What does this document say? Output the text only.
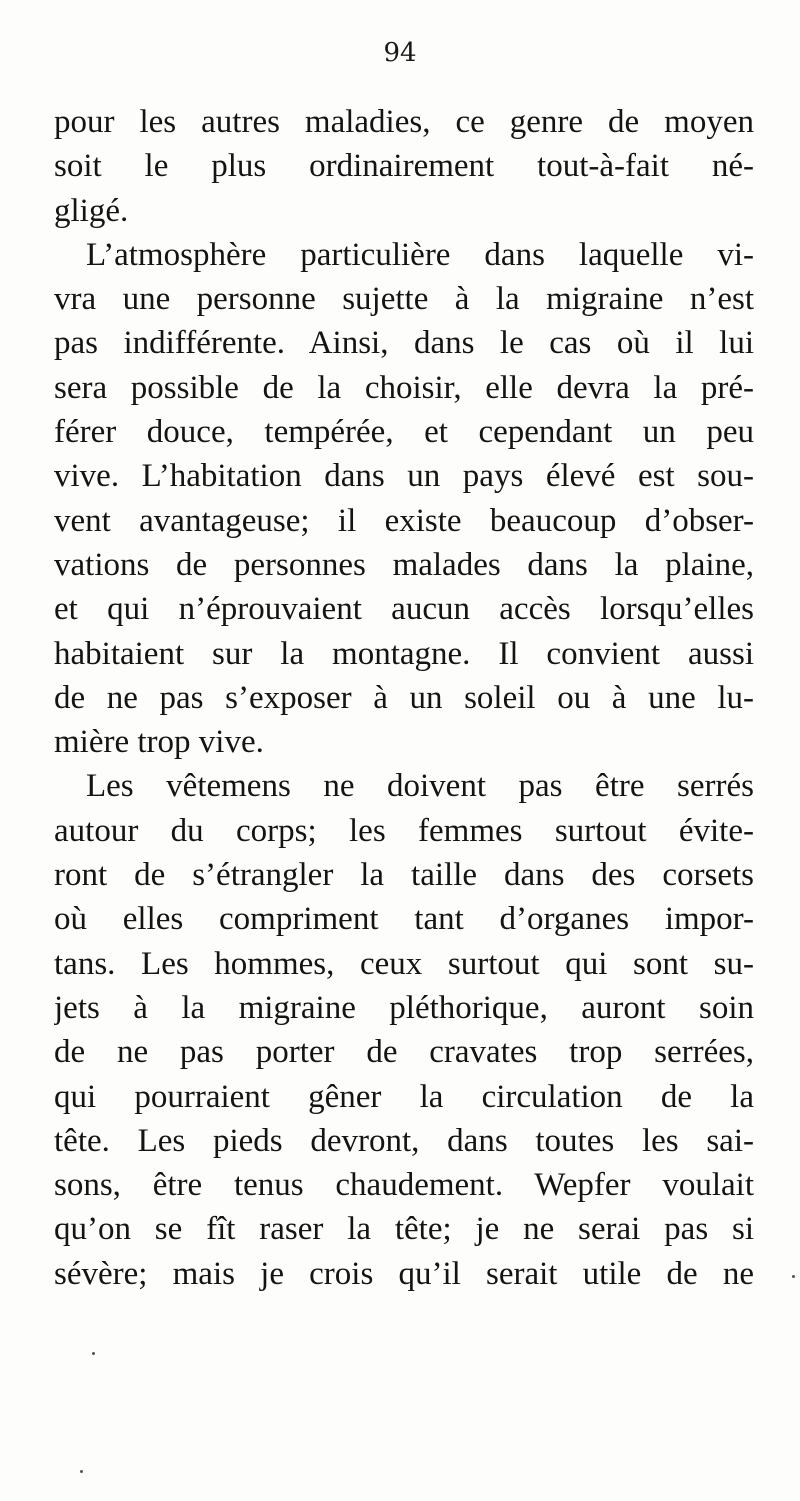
94
pour les autres maladies, ce genre de moyen
soit le plus ordinairement tout-à-fait né-
gligé.
L’atmosphère particulière dans laquelle vi-
vra une personne sujette à la migraine n’est
pas indifférente. Ainsi, dans le cas où il lui
sera possible de la choisir, elle devra la pré-
férer douce, tempérée, et cependant un peu
vive. L’habitation dans un pays élevé est sou-
vent avantageuse; il existe beaucoup d’obser-
vations de personnes malades dans la plaine,
et qui n’éprouvaient aucun accès lorsqu’elles
habitaient sur la montagne. Il convient aussi
de ne pas s’exposer à un soleil ou à une lu-
mière trop vive.
Les vêtemens ne doivent pas être serrés
autour du corps; les femmes surtout évite-
ront de s’étrangler la taille dans des corsets
où elles compriment tant d’organes impor-
tans. Les hommes, ceux surtout qui sont su-
jets à la migraine pléthorique, auront soin
de ne pas porter de cravates trop serrées,
qui pourraient gêner la circulation de la
tête. Les pieds devront, dans toutes les sai-
sons, être tenus chaudement. Wepfer voulait
qu’on se fît raser la tête; je ne serai pas si
sévère; mais je crois qu’il serait utile de ne
